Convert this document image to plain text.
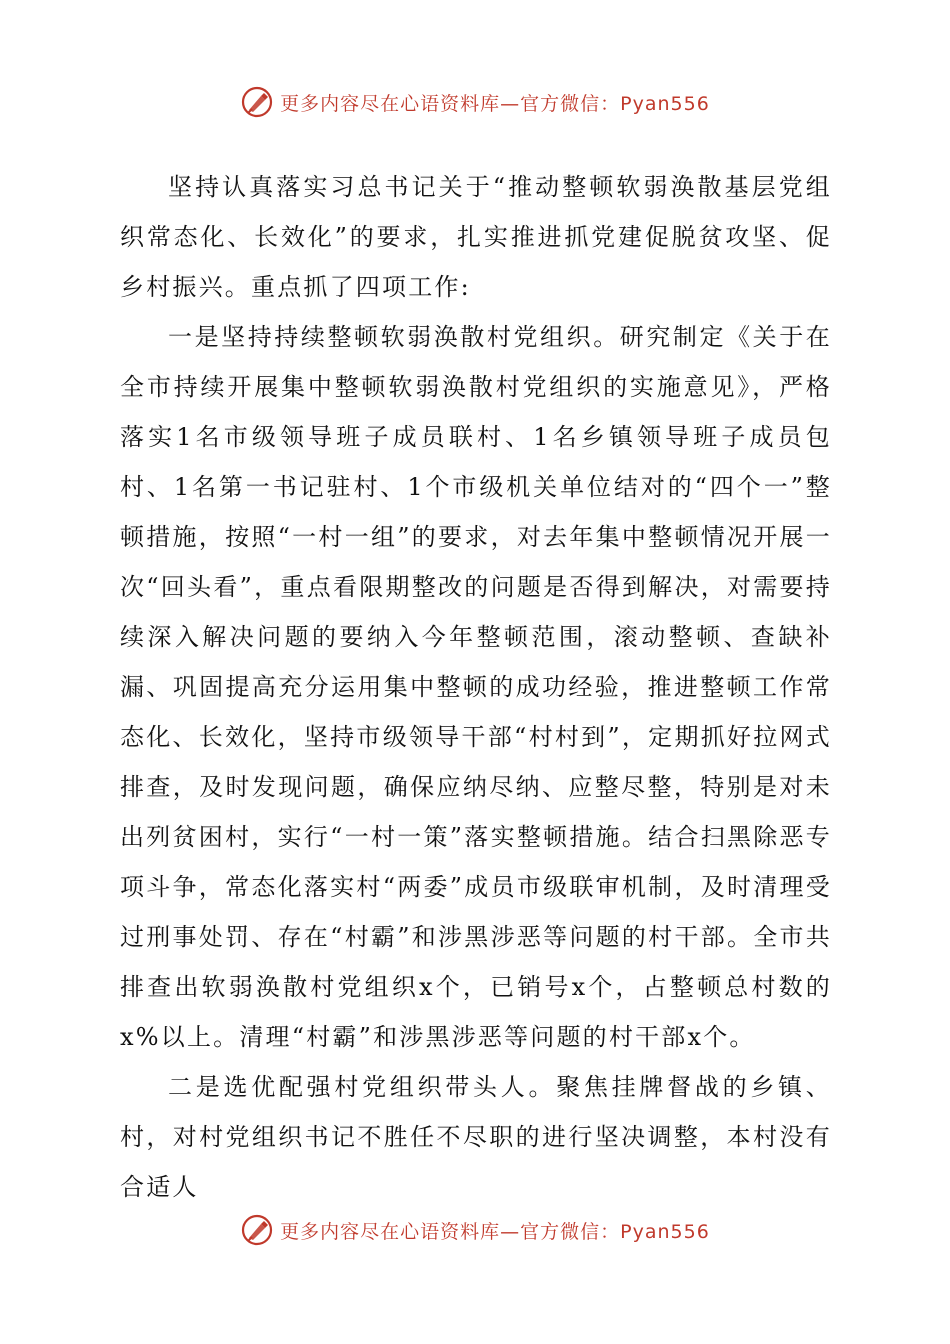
更多内容尽在心语资料库—官方微信：Pyan556

坚持认真落实习总书记关于“推动整顿软弱涣散基层党组织常态化、长效化”的要求，扎实推进抓党建促脱贫攻坚、促乡村振兴。重点抓了四项工作:

一是坚持持续整顿软弱涣散村党组织。研究制定《关于在全市持续开展集中整顿软弱涣散村党组织的实施意见》，严格落实1名市级领导班子成员联村、1名乡镇领导班子成员包村、1名第一书记驻村、1个市级机关单位结对的“四个一”整顿措施，按照“一村一组”的要求，对去年集中整顿情况开展一次“回头看”，重点看限期整改的问题是否得到解决，对需要持续深入解决问题的要纳入今年整顿范围，滚动整顿、查缺补漏、巩固提高充分运用集中整顿的成功经验，推进整顿工作常态化、长效化，坚持市级领导干部“村村到”，定期抓好拉网式排查，及时发现问题，确保应纳尽纳、应整尽整，特别是对未出列贫困村，实行“一村一策”落实整顿措施。结合扫黑除恶专项斗争，常态化落实村“两委”成员市级联审机制，及时清理受过刑事处罚、存在“村霸”和涉黑涉恶等问题的村干部。全市共排查出软弱涣散村党组织x个，已销号x个，占整顿总村数的x%以上。清理“村霸”和涉黑涉恶等问题的村干部x个。

二是选优配强村党组织带头人。聚焦挂牌督战的乡镇、村，对村党组织书记不胜任不尽职的进行坚决调整，本村没有合适人

更多内容尽在心语资料库—官方微信：Pyan556
